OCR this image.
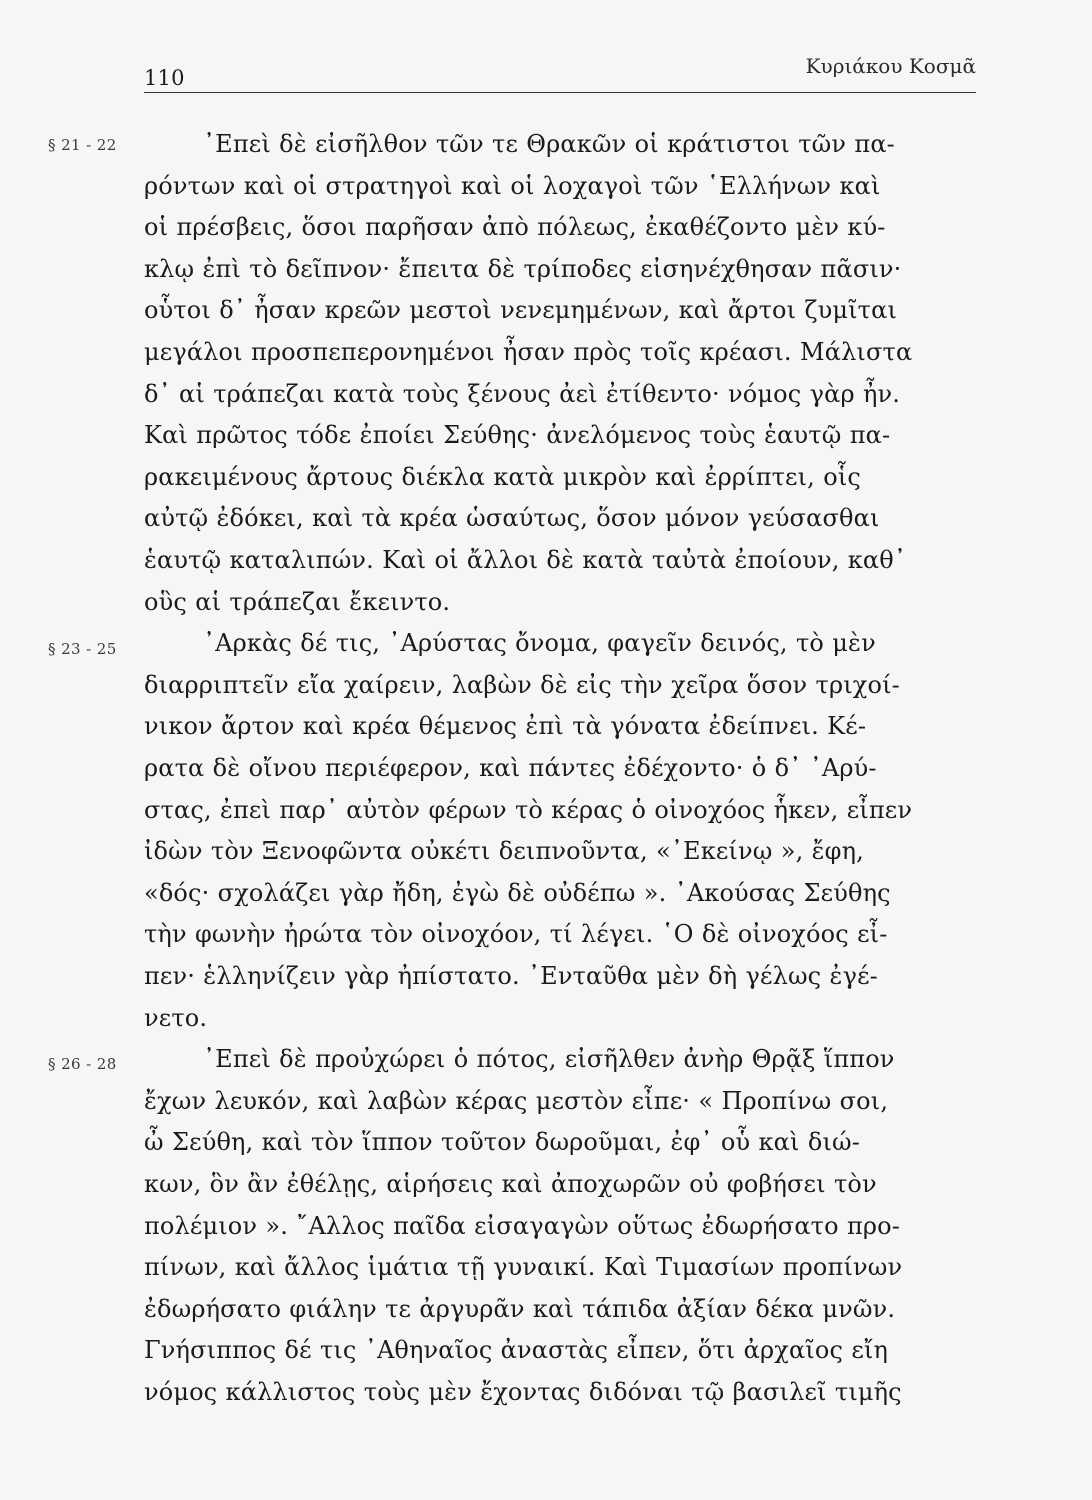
110	Κυριάκου Κοσμᾶ
§ 21 - 22
§ 23 - 25
§ 26 - 28
᾽Επεὶ δὲ εἰσῆλθον τῶν τε Θρακῶν οἱ κράτιστοι τῶν πα-
ρόντων καὶ οἱ στρατηγοὶ καὶ οἱ λοχαγοὶ τῶν ῾Ελλήνων καὶ
οἱ πρέσβεις, ὅσοι παρῆσαν ἀπὸ πόλεως, ἐκαθέζοντο μὲν κύ-
κλῳ ἐπὶ τὸ δεῖπνον· ἔπειτα δὲ τρίποδες εἰσηνέχθησαν πᾶσιν·
οὗτοι δ᾽ ἦσαν κρεῶν μεστοὶ νενεμημένων, καὶ ἄρτοι ζυμῖται
μεγάλοι προσπεπερονημένοι ἦσαν πρὸς τοῖς κρέασι. Μάλιστα
δ᾽ αἱ τράπεζαι κατὰ τοὺς ξένους ἀεὶ ἐτίθεντο· νόμος γὰρ ἦν.
Καὶ πρῶτος τόδε ἐποίει Σεύθης· ἀνελόμενος τοὺς ἑαυτῷ πα-
ρακειμένους ἄρτους διέκλα κατὰ μικρὸν καὶ ἐρρίπτει, οἷς
αὐτῷ ἐδόκει, καὶ τὰ κρέα ὡσαύτως, ὅσον μόνον γεύσασθαι
ἑαυτῷ καταλιπών. Καὶ οἱ ἄλλοι δὲ κατὰ ταὐτὰ ἐποίουν, καθ᾽
οὓς αἱ τράπεζαι ἔκειντο.
᾽Αρκὰς δέ τις, ᾽Αρύστας ὄνομα, φαγεῖν δεινός, τὸ μὲν
διαρριπτεῖν εἴα χαίρειν, λαβὼν δὲ εἰς τὴν χεῖρα ὅσον τριχοί-
νικον ἄρτον καὶ κρέα θέμενος ἐπὶ τὰ γόνατα ἐδείπνει. Κέ-
ρατα δὲ οἴνου περιέφερον, καὶ πάντες ἐδέχοντο· ὁ δ᾽ ᾽Αρύ-
στας, ἐπεὶ παρ᾽ αὐτὸν φέρων τὸ κέρας ὁ οἰνοχόος ἧκεν, εἶπεν
ἰδὼν τὸν Ξενοφῶντα οὐκέτι δειπνοῦντα, «᾽Εκείνῳ », ἔφη,
«δός· σχολάζει γὰρ ἤδη, ἐγὼ δὲ οὐδέπω ». ᾽Ακούσας Σεύθης
τὴν φωνὴν ἠρώτα τὸν οἰνοχόον, τί λέγει. ῾Ο δὲ οἰνοχόος εἶ-
πεν· ἑλληνίζειν γὰρ ἠπίστατο. ᾽Ενταῦθα μὲν δὴ γέλως ἐγέ-
νετο.
᾽Επεὶ δὲ προὐχώρει ὁ πότος, εἰσῆλθεν ἀνὴρ Θρᾷξ ἵππον
ἔχων λευκόν, καὶ λαβὼν κέρας μεστὸν εἶπε· « Προπίνω σοι,
ὦ Σεύθη, καὶ τὸν ἵππον τοῦτον δωροῦμαι, ἐφ᾽ οὗ καὶ διώ-
κων, ὃν ἂν ἐθέλῃς, αἱρήσεις καὶ ἀποχωρῶν οὐ φοβήσει τὸν
πολέμιον ». ῎Αλλος παῖδα εἰσαγαγὼν οὕτως ἐδωρήσατο προ-
πίνων, καὶ ἄλλος ἱμάτια τῇ γυναικί. Καὶ Τιμασίων προπίνων
ἐδωρήσατο φιάλην τε ἀργυρᾶν καὶ τάπιδα ἀξίαν δέκα μνῶν.
Γνήσιππος δέ τις ᾽Αθηναῖος ἀναστὰς εἶπεν, ὅτι ἀρχαῖος εἴη
νόμος κάλλιστος τοὺς μὲν ἔχοντας διδόναι τῷ βασιλεῖ τιμῆς
